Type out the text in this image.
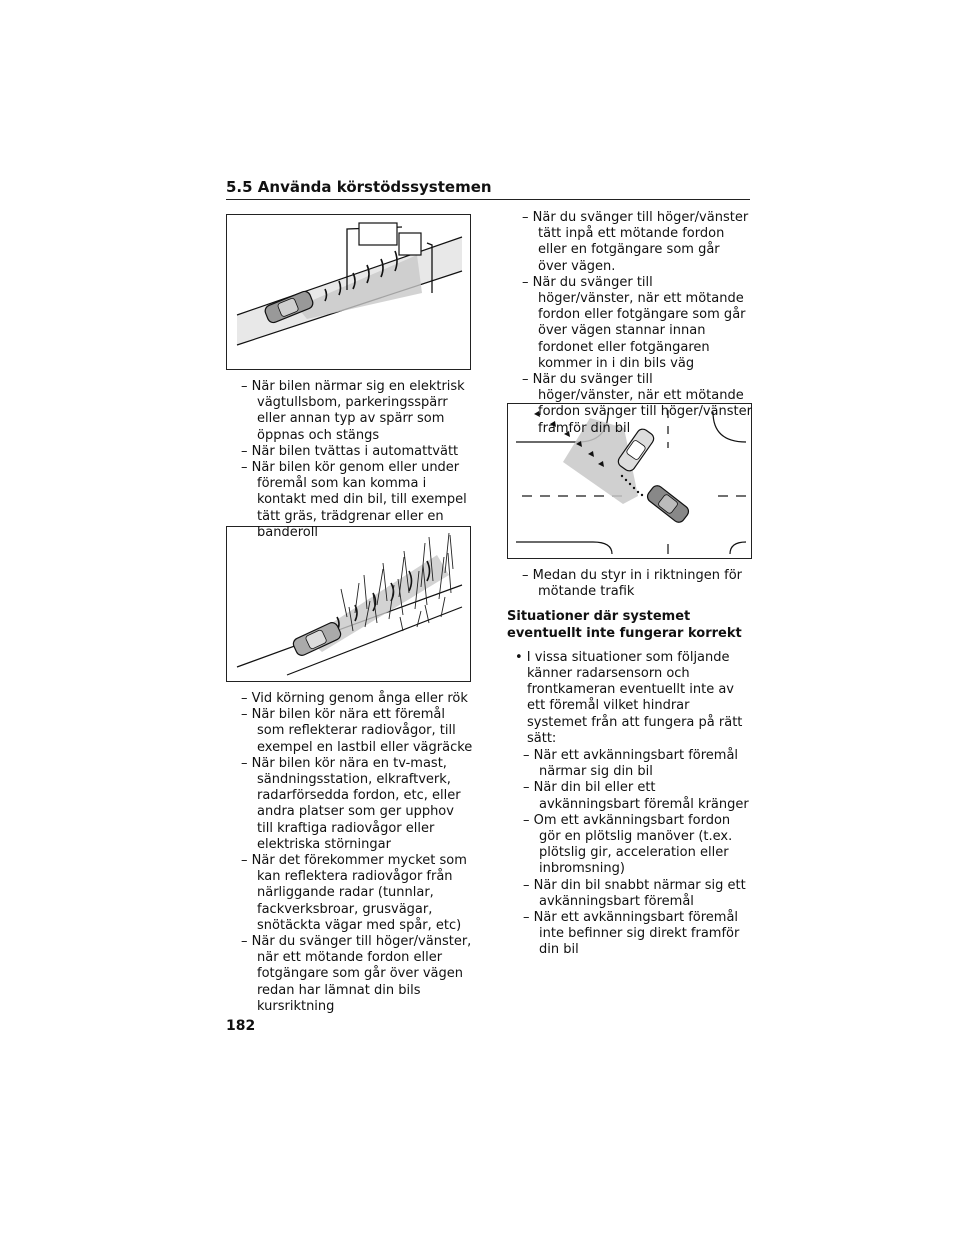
5.5 Använda körstödssystemen
– När bilen närmar sig en elektrisk vägtullsbom, parkeringsspärr eller annan typ av spärr som öppnas och stängs
– När bilen tvättas i automattvätt
– När bilen kör genom eller under föremål som kan komma i kontakt med din bil, till exempel tätt gräs, trädgrenar eller en banderoll
– Vid körning genom ånga eller rök
– När bilen kör nära ett föremål som reflekterar radiovågor, till exempel en lastbil eller vägräcke
– När bilen kör nära en tv-mast, sändningsstation, elkraftverk, radarförsedda fordon, etc, eller andra platser som ger upphov till kraftiga radiovågor eller elektriska störningar
– När det förekommer mycket som kan reflektera radiovågor från närliggande radar (tunnlar, fackverksbroar, grusvägar, snötäckta vägar med spår, etc)
– När du svänger till höger/vänster, när ett mötande fordon eller fotgängare som går över vägen redan har lämnat din bils kursriktning
– När du svänger till höger/vänster tätt inpå ett mötande fordon eller en fotgängare som går över vägen.
– När du svänger till höger/vänster, när ett mötande fordon eller fotgängare som går över vägen stannar innan fordonet eller fotgängaren kommer in i din bils väg
– När du svänger till höger/vänster, när ett mötande fordon svänger till höger/vänster framför din bil
– Medan du styr in i riktningen för mötande trafik
Situationer där systemet eventuellt inte fungerar korrekt
• I vissa situationer som följande känner radarsensorn och frontkameran eventuellt inte av ett föremål vilket hindrar systemet från att fungera på rätt sätt:
– När ett avkänningsbart föremål närmar sig din bil
– När din bil eller ett avkänningsbart föremål kränger
– Om ett avkänningsbart fordon gör en plötslig manöver (t.ex. plötslig gir, acceleration eller inbromsning)
– När din bil snabbt närmar sig ett avkänningsbart föremål
– När ett avkänningsbart föremål inte befinner sig direkt framför din bil
182
